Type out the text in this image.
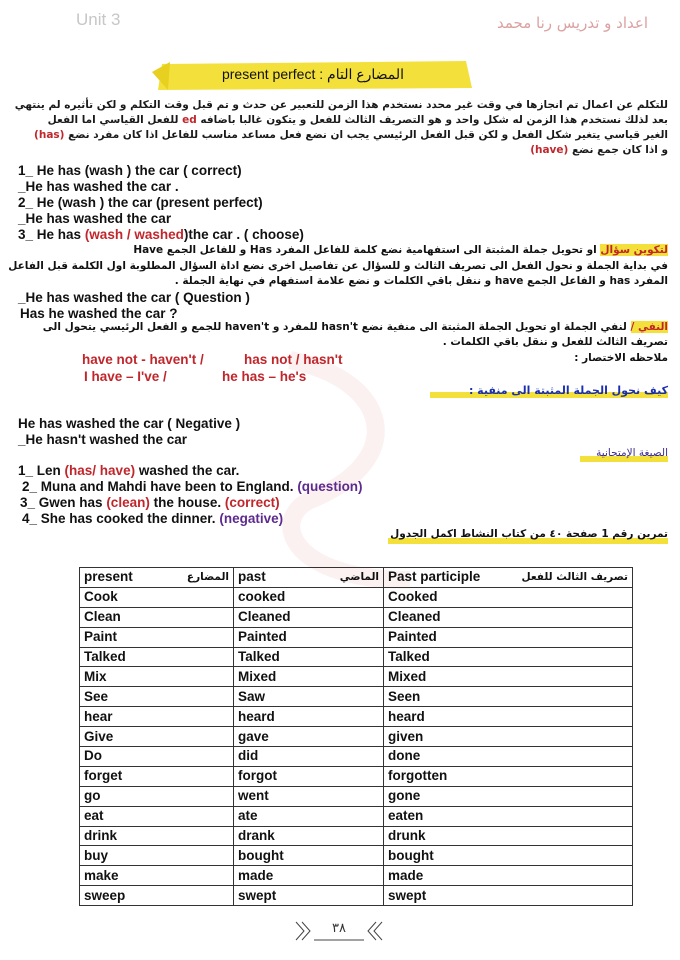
Unit 3	اعداد و تدريس رنا محمد
present perfect : المضارع التام
للتكلم عن اعمال تم انجازها في وقت غير محدد نستخدم هذا الزمن للتعبير عن حدث و تم قبل وقت التكلم و لكن تأثيره لم ينتهي
بعد لذلك نستخدم هذا الزمن له شكل واحد و هو التصريف الثالث للفعل و يتكون غالبا باضافه ed للفعل القياسي اما الفعل
الغير قياسي يتغير شكل الفعل و لكن قبل الفعل الرئيسي يجب ان نضع فعل مساعد مناسب للفاعل اذا كان مفرد نضع (has)
و اذا كان جمع نضع (have)
1_ He has (wash ) the car ( correct)
_He has washed the car .
2_ He (wash ) the car (present perfect)
_He has washed the car
3_ He has (wash / washed)the car . ( choose)
لتكوين سؤال او تحويل جملة المثبتة الى استفهامية نضع كلمة للفاعل المفرد Has و للفاعل الجمع Have
في بداية الجملة و نحول الفعل الى تصريف الثالث و للسؤال عن تفاصيل اخرى نضع اداة السؤال المطلوبة اول الكلمة قبل الفاعل
المفرد has و الفاعل الجمع have و ننقل باقي الكلمات و نضع علامة استفهام في نهاية الجملة .
_He has washed the car ( Question )
Has he washed the car ?
النفي / لنفي الجملة او تحويل الجملة المثبتة الى منفية نضع hasn't للمفرد و haven't للجمع و الفعل الرئيسي يتحول الى
تصريف الثالث للفعل و ننقل باقي الكلمات .
ملاحظه الاختصار :
have not - haven't /	has not / hasn't
I have – I've /	he has – he's
كيف نحول الجملة المثبتة الى منفية :
He has washed the car ( Negative )
_He hasn't washed the car
الصيغة الإمتحانية
1_ Len (has/ have) washed the car.
2_ Muna and Mahdi have been to England. (question)
3_ Gwen has (clean) the house. (correct)
4_ She has cooked the dinner. (negative)
تمرين رقم 1 صفحة ٤٠ من كتاب النشاط اكمل الجدول
present المضارع	past الماضي	Past participle تصريف الثالث للفعل

Cook	cooked	Cooked
Clean	Cleaned	Cleaned
Paint	Painted	Painted
Talked	Talked	Talked
Mix	Mixed	Mixed
See	Saw	Seen
hear	heard	heard
Give	gave	given
Do	did	done
forget	forgot	forgotten
go	went	gone
eat	ate	eaten
drink	drank	drunk
buy	bought	bought
make	made	made
sweep	swept	swept
٣٨
